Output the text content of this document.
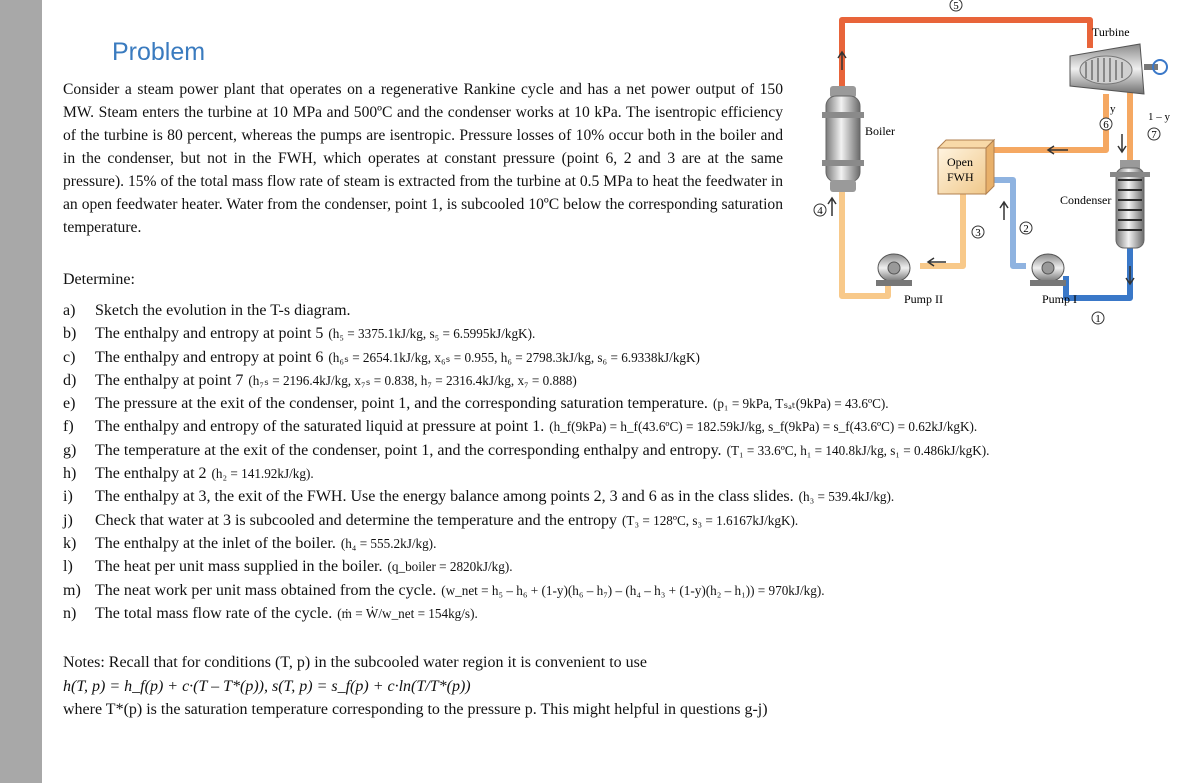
Problem
Consider a steam power plant that operates on a regenerative Rankine cycle and has a net power output of 150 MW. Steam enters the turbine at 10 MPa and 500ºC and the condenser works at 10 kPa. The isentropic efficiency of the turbine is 80 percent, whereas the pumps are isentropic. Pressure losses of 10% occur both in the boiler and in the condenser, but not in the FWH, which operates at constant pressure (point 6, 2 and 3 are at the same pressure). 15% of the total mass flow rate of steam is extracted from the turbine at 0.5 MPa to heat the feedwater in an open feedwater heater. Water from the condenser, point 1, is subcooled 10ºC below the corresponding saturation temperature.
Determine:
a)	Sketch the evolution in the T-s diagram.
b)	The enthalpy and entropy at point 5 (h₅ = 3375.1kJ/kg, s₅ = 6.5995kJ/kgK).
c)	The enthalpy and entropy at point 6 (h₆ₛ = 2654.1kJ/kg, x₆ₛ = 0.955, h₆ = 2798.3kJ/kg, s₆ = 6.9338kJ/kgK)
d)	The enthalpy at point 7 (h₇ₛ = 2196.4kJ/kg, x₇ₛ = 0.838, h₇ = 2316.4kJ/kg, x₇ = 0.888)
e)	The pressure at the exit of the condenser, point 1, and the corresponding saturation temperature. (p₁ = 9kPa, Tₛₐₜ(9kPa) = 43.6ºC).
f)	The enthalpy and entropy of the saturated liquid at pressure at point 1. (h_f(9kPa) = h_f(43.6ºC) = 182.59kJ/kg, s_f(9kPa) = s_f(43.6ºC) = 0.62kJ/kgK).
g)	The temperature at the exit of the condenser, point 1, and the corresponding enthalpy and entropy. (T₁ = 33.6ºC, h₁ = 140.8kJ/kg, s₁ = 0.486kJ/kgK).
h)	The enthalpy at 2 (h₂ = 141.92kJ/kg).
i)	The enthalpy at 3, the exit of the FWH. Use the energy balance among points 2, 3 and 6 as in the class slides. (h₃ = 539.4kJ/kg).
j)	Check that water at 3 is subcooled and determine the temperature and the entropy (T₃ = 128ºC, s₃ = 1.6167kJ/kgK).
k)	The enthalpy at the inlet of the boiler. (h₄ = 555.2kJ/kg).
l)	The heat per unit mass supplied in the boiler. (q_boiler = 2820kJ/kg).
m) The neat work per unit mass obtained from the cycle. (w_net = h₅ – h₆ + (1-y)(h₆ – h₇) – (h₄ – h₃ + (1-y)(h₂ – h₁)) = 970kJ/kg).
n)	The total mass flow rate of the cycle. (ṁ = Ẇ/w_net = 154kg/s).
Notes: Recall that for conditions (T, p) in the subcooled water region it is convenient to use
h(T, p) = h_f(p) + c·(T – T*(p)), s(T, p) = s_f(p) + c·ln(T/T*(p))
where T*(p) is the saturation temperature corresponding to the pressure p. This might helpful in questions g-j)
Boiler
Turbine
y
1 – y
Condenser
Open
FWH
Pump II	Pump I
5
6
7
2
3
4
1
